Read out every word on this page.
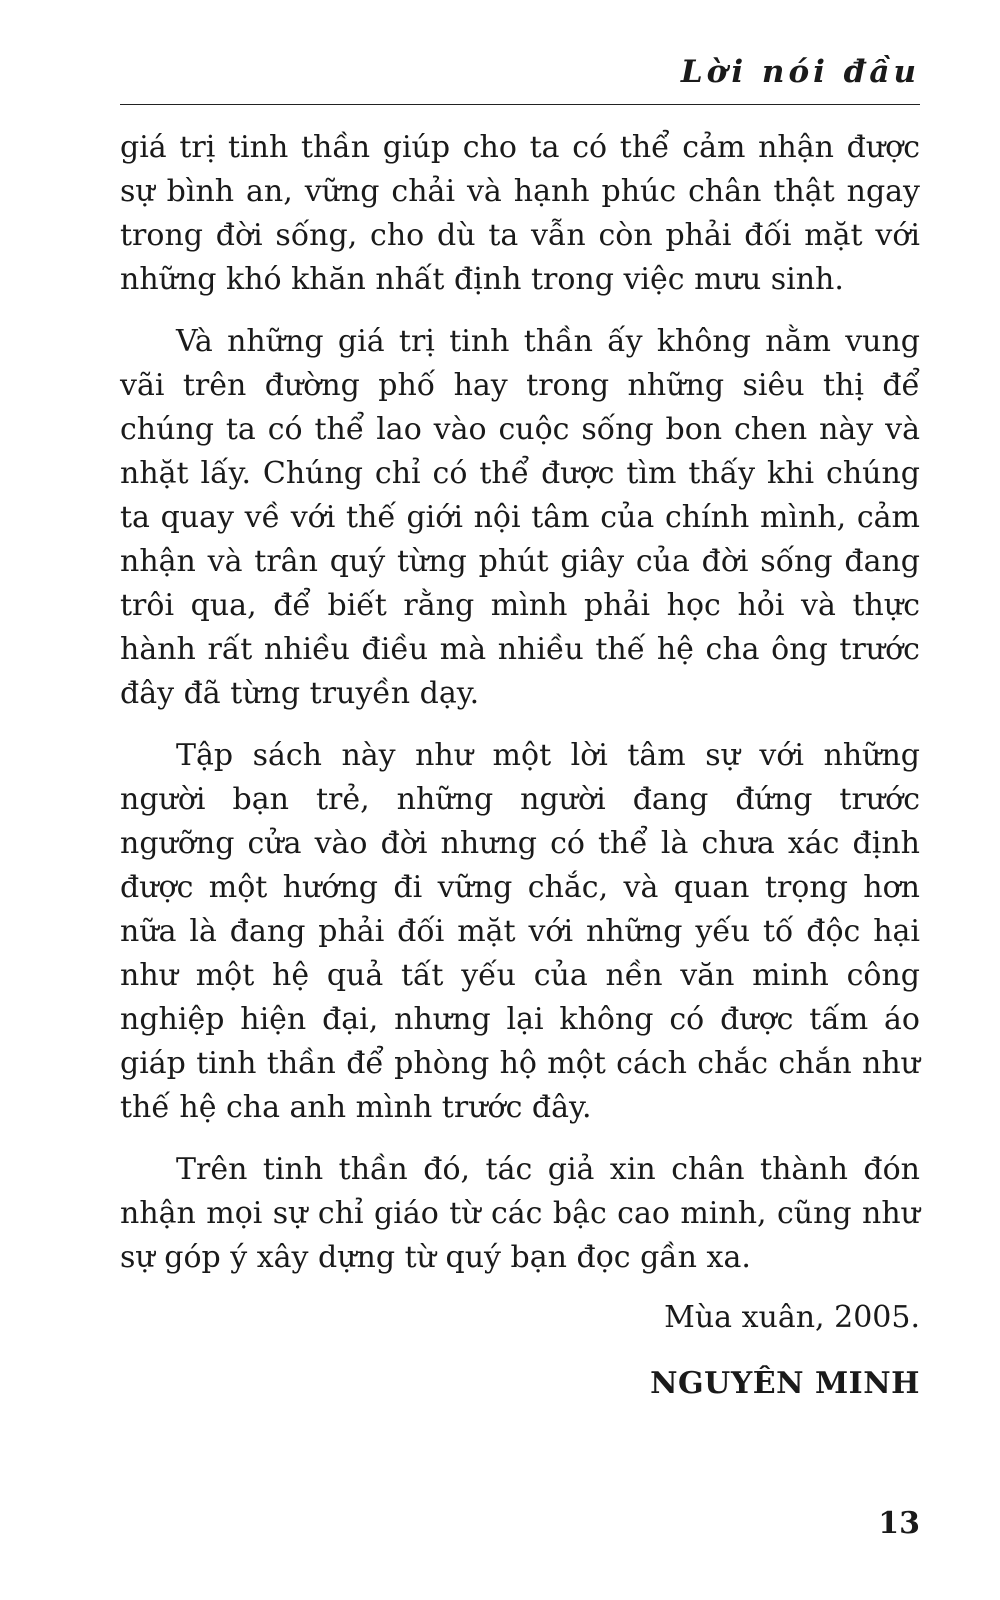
Lời nói đầu

giá trị tinh thần giúp cho ta có thể cảm nhận được sự bình an, vững chải và hạnh phúc chân thật ngay trong đời sống, cho dù ta vẫn còn phải đối mặt với những khó khăn nhất định trong việc mưu sinh.

Và những giá trị tinh thần ấy không nằm vung vãi trên đường phố hay trong những siêu thị để chúng ta có thể lao vào cuộc sống bon chen này và nhặt lấy. Chúng chỉ có thể được tìm thấy khi chúng ta quay về với thế giới nội tâm của chính mình, cảm nhận và trân quý từng phút giây của đời sống đang trôi qua, để biết rằng mình phải học hỏi và thực hành rất nhiều điều mà nhiều thế hệ cha ông trước đây đã từng truyền dạy.

Tập sách này như một lời tâm sự với những người bạn trẻ, những người đang đứng trước ngưỡng cửa vào đời nhưng có thể là chưa xác định được một hướng đi vững chắc, và quan trọng hơn nữa là đang phải đối mặt với những yếu tố độc hại như một hệ quả tất yếu của nền văn minh công nghiệp hiện đại, nhưng lại không có được tấm áo giáp tinh thần để phòng hộ một cách chắc chắn như thế hệ cha anh mình trước đây.

Trên tinh thần đó, tác giả xin chân thành đón nhận mọi sự chỉ giáo từ các bậc cao minh, cũng như sự góp ý xây dựng từ quý bạn đọc gần xa.

Mùa xuân, 2005.
NGUYÊN MINH
13
